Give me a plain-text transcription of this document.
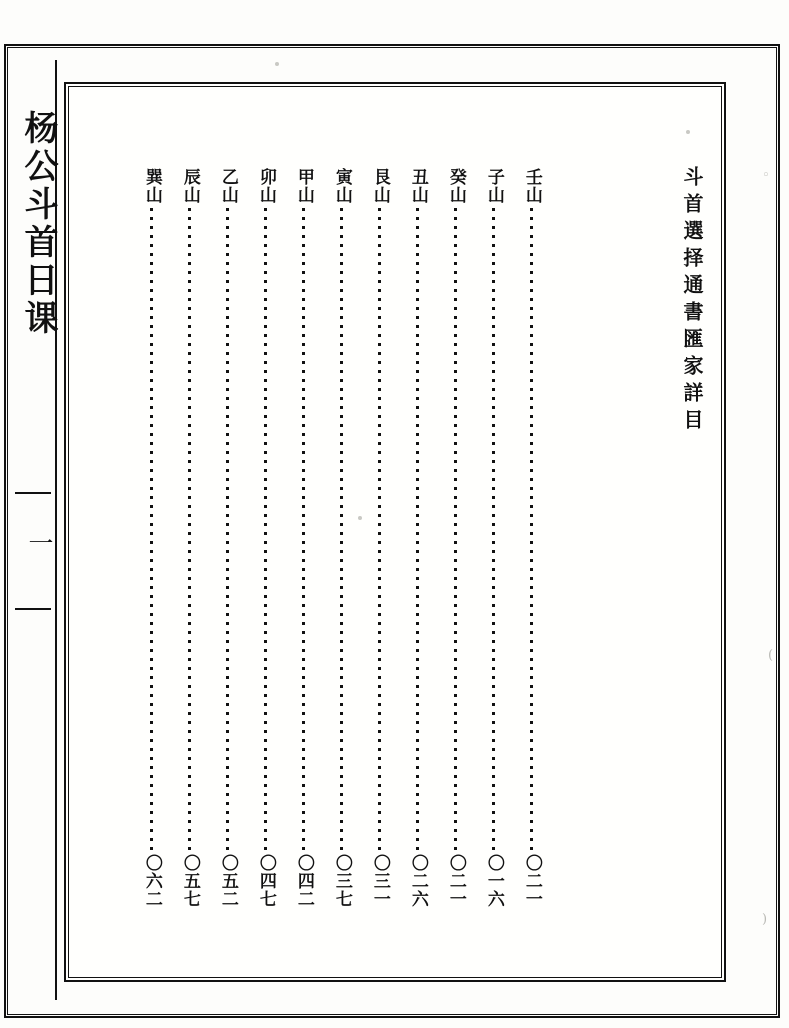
杨公斗首日课
一
斗首選择通書匯家詳目
壬山
〇二一
子山
〇一六
癸山
〇二一
丑山
〇二六
艮山
〇三一
寅山
〇三七
甲山
〇四二
卯山
〇四七
乙山
〇五二
辰山
〇五七
巽山
〇六二
◦
(
)
